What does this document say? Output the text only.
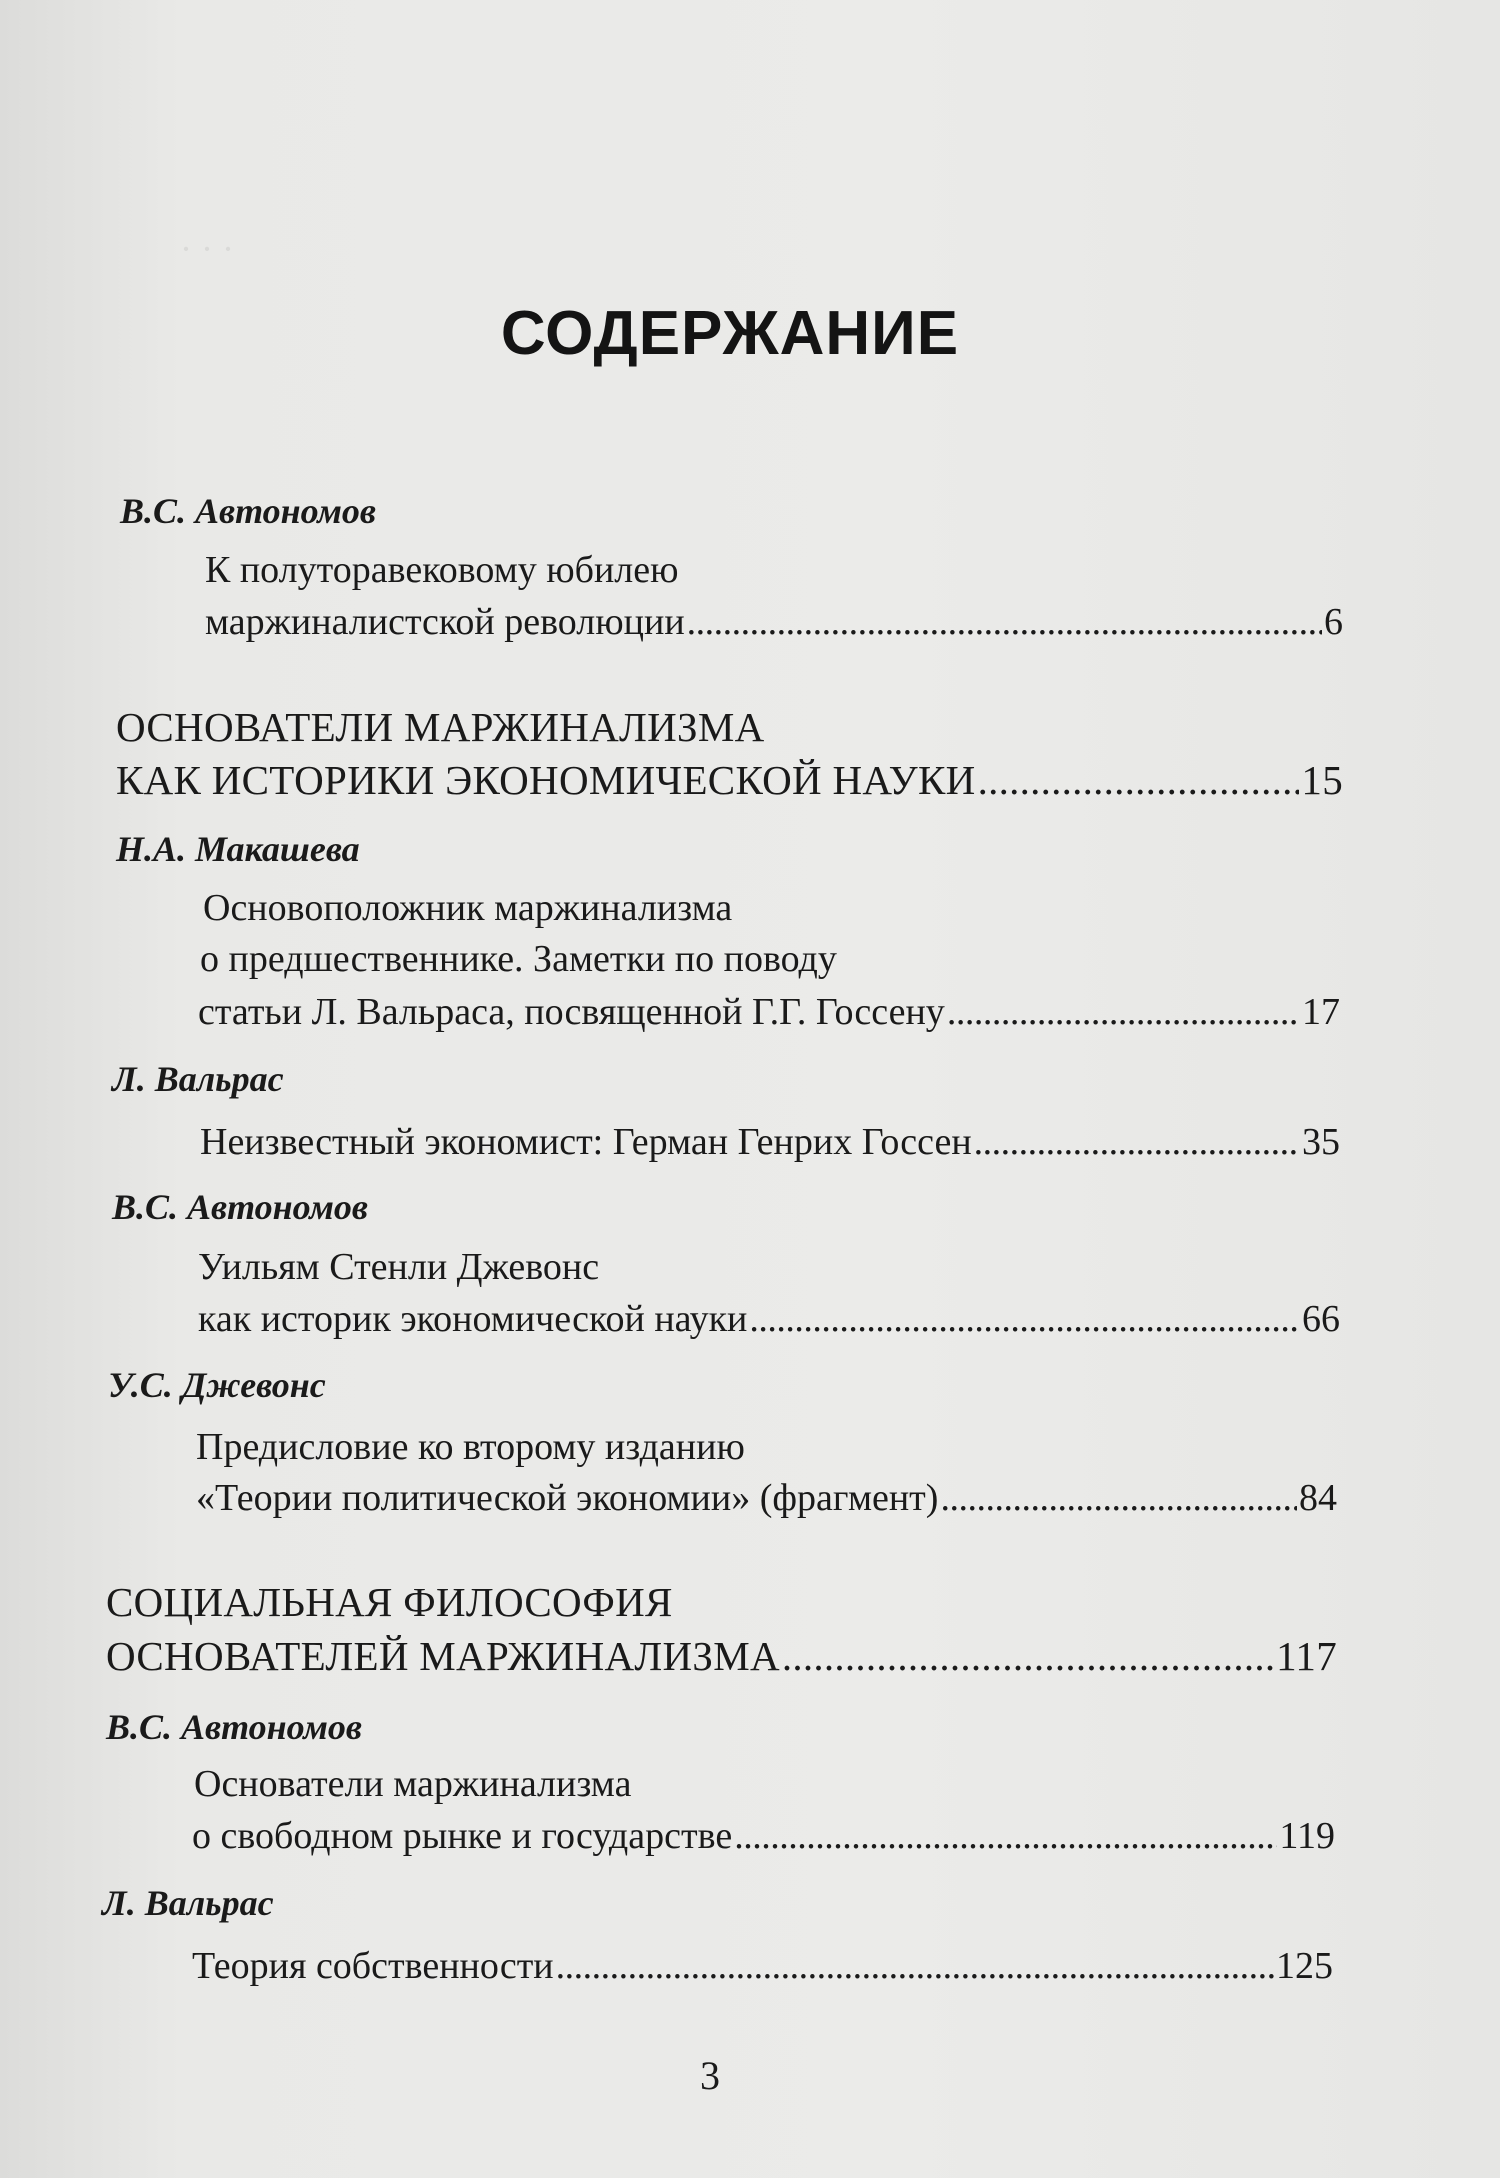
· · ·
СОДЕРЖАНИЕ
В.С. Автономов
К полуторавековому юбилею
маржиналистской революции . . .	6
ОСНОВАТЕЛИ МАРЖИНАЛИЗМА
КАК ИСТОРИКИ ЭКОНОМИЧЕСКОЙ НАУКИ . . .	15
Н.А. Макашева
Основоположник маржинализма
о предшественнике. Заметки по поводу
статьи Л. Вальраса, посвященной Г.Г. Госсену . . .	17
Л. Вальрас
Неизвестный экономист: Герман Генрих Госсен . . .	35
В.С. Автономов
Уильям Стенли Джевонс
как историк экономической науки . . .	66
У.С. Джевонс
Предисловие ко второму изданию
«Теории политической экономии» (фрагмент) . . .	84
СОЦИАЛЬНАЯ ФИЛОСОФИЯ
ОСНОВАТЕЛЕЙ МАРЖИНАЛИЗМА . . .	117
В.С. Автономов
Основатели маржинализма
о свободном рынке и государстве . . .	119
Л. Вальрас
Теория собственности . . .	125
3
